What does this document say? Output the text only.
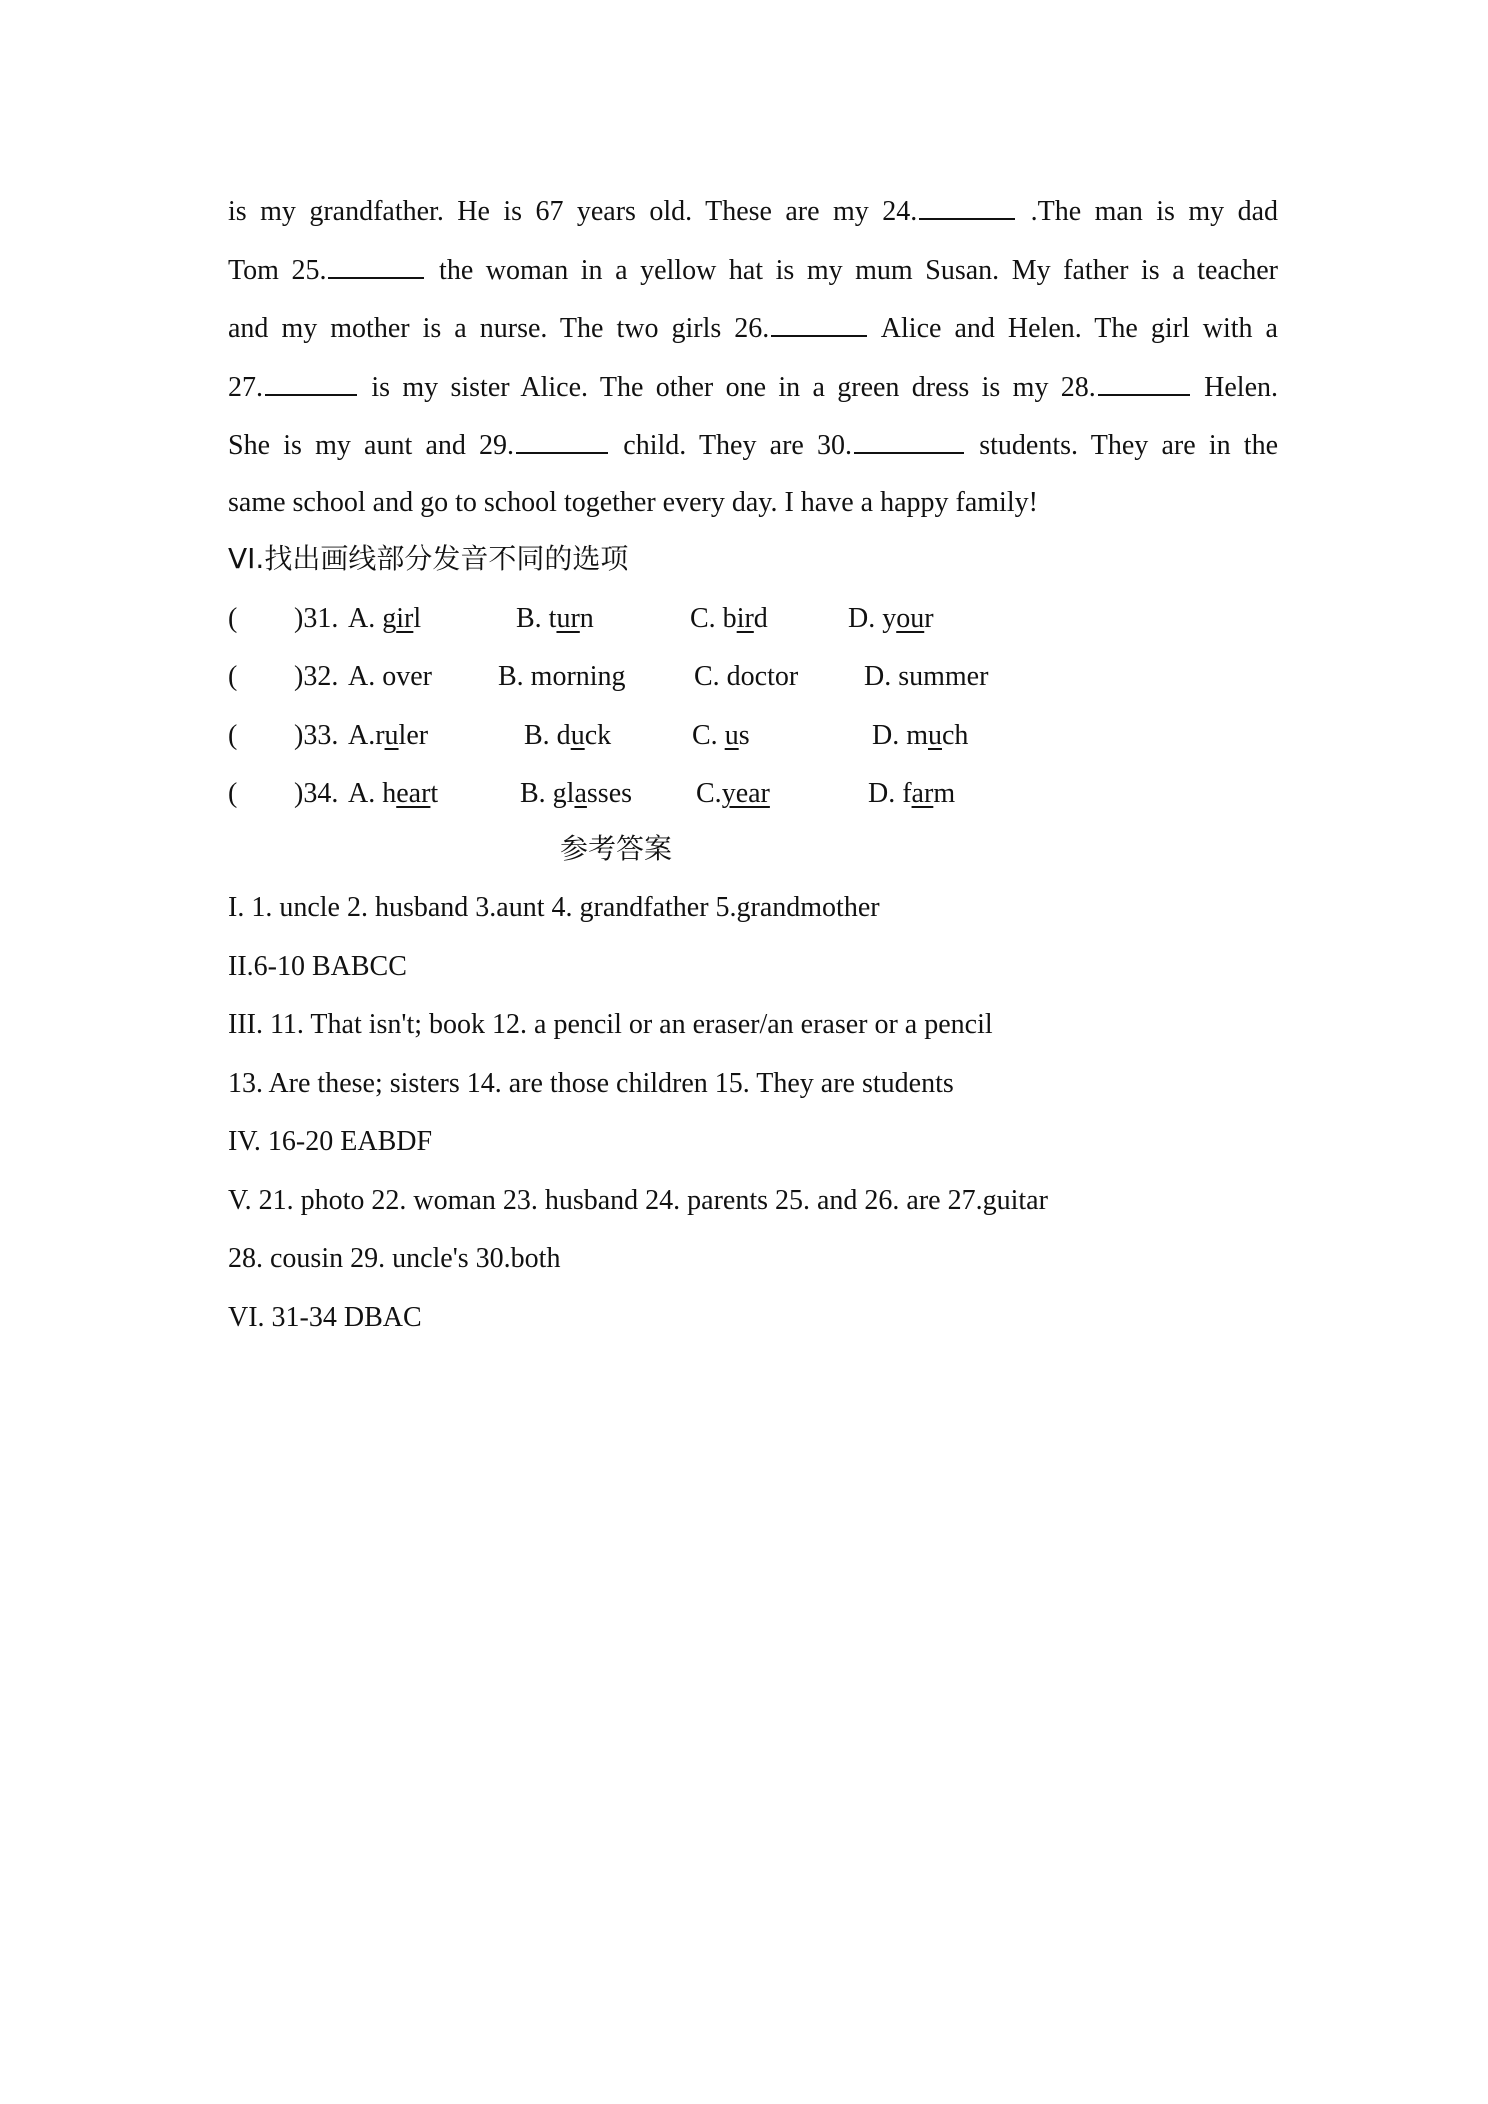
is my grandfather. He is 67 years old. These are my 24.	.The man is my dad
Tom 25.	the woman in a yellow hat is my mum Susan. My father is a teacher
and my mother is a nurse. The two girls 26.	Alice and Helen. The girl with a
27.	is my sister Alice. The other one in a green dress is my 28.	Helen.
She is my aunt and 29.	child. They are 30.	students. They are in the
same school and go to school together every day. I have a happy family!
VI.找出画线部分发音不同的选项
( )31. A. girl	B. turn	C. bird	D. your
( )32. A. over B. morning C. doctor D. summer
( )33. A.ruler	B. duck	C. us	D. much
( )34. A. heart	B. glasses C.year	D. farm
参考答案
I. 1. uncle 2. husband 3.aunt 4. grandfather 5.grandmother
II.6-10 BABCC
III. 11. That isn't; book 12. a pencil or an eraser/an eraser or a pencil
13. Are these; sisters 14. are those children 15. They are students
IV. 16-20 EABDF
V. 21. photo 22. woman 23. husband 24. parents 25. and 26. are 27.guitar
28. cousin 29. uncle's 30.both
VI. 31-34 DBAC
